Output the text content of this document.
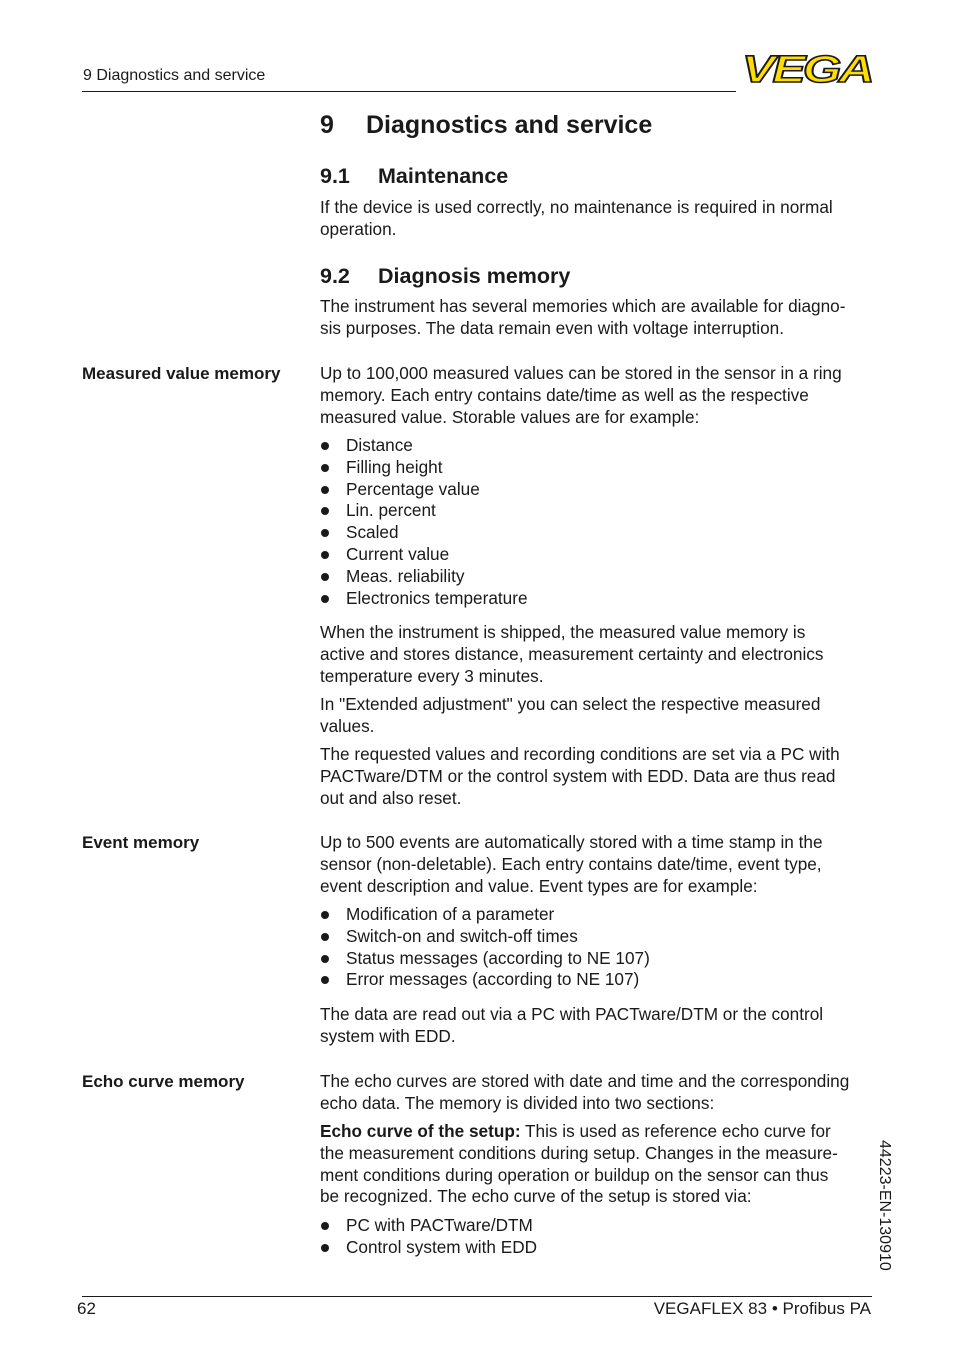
9 Diagnostics and service	VEGA
9 Diagnostics and service
9.1 Maintenance
If the device is used correctly, no maintenance is required in normal
operation.
9.2 Diagnosis memory
The instrument has several memories which are available for diagno-
sis purposes. The data remain even with voltage interruption.
Measured value memory Up to 100,000 measured values can be stored in the sensor in a ring
memory. Each entry contains date/time as well as the respective
measured value. Storable values are for example:
Distance
Filling height
Percentage value
Lin. percent
Scaled
Current value
Meas. reliability
Electronics temperature
When the instrument is shipped, the measured value memory is
active and stores distance, measurement certainty and electronics
temperature every 3 minutes.
In "Extended adjustment" you can select the respective measured
values.
The requested values and recording conditions are set via a PC with
PACTware/DTM or the control system with EDD. Data are thus read
out and also reset.
Event memory	Up to 500 events are automatically stored with a time stamp in the
sensor (non-deletable). Each entry contains date/time, event type,
event description and value. Event types are for example:
Modification of a parameter
Switch-on and switch-off times
Status messages (according to NE 107)
Error messages (according to NE 107)
The data are read out via a PC with PACTware/DTM or the control
system with EDD.
Echo curve memory	The echo curves are stored with date and time and the corresponding
echo data. The memory is divided into two sections:
Echo curve of the setup: This is used as reference echo curve for
the measurement conditions during setup. Changes in the measure-
ment conditions during operation or buildup on the sensor can thus
be recognized. The echo curve of the setup is stored via:
PC with PACTware/DTM
Control system with EDD	44223-EN-130910
62	VEGAFLEX 83 • Profibus PA
